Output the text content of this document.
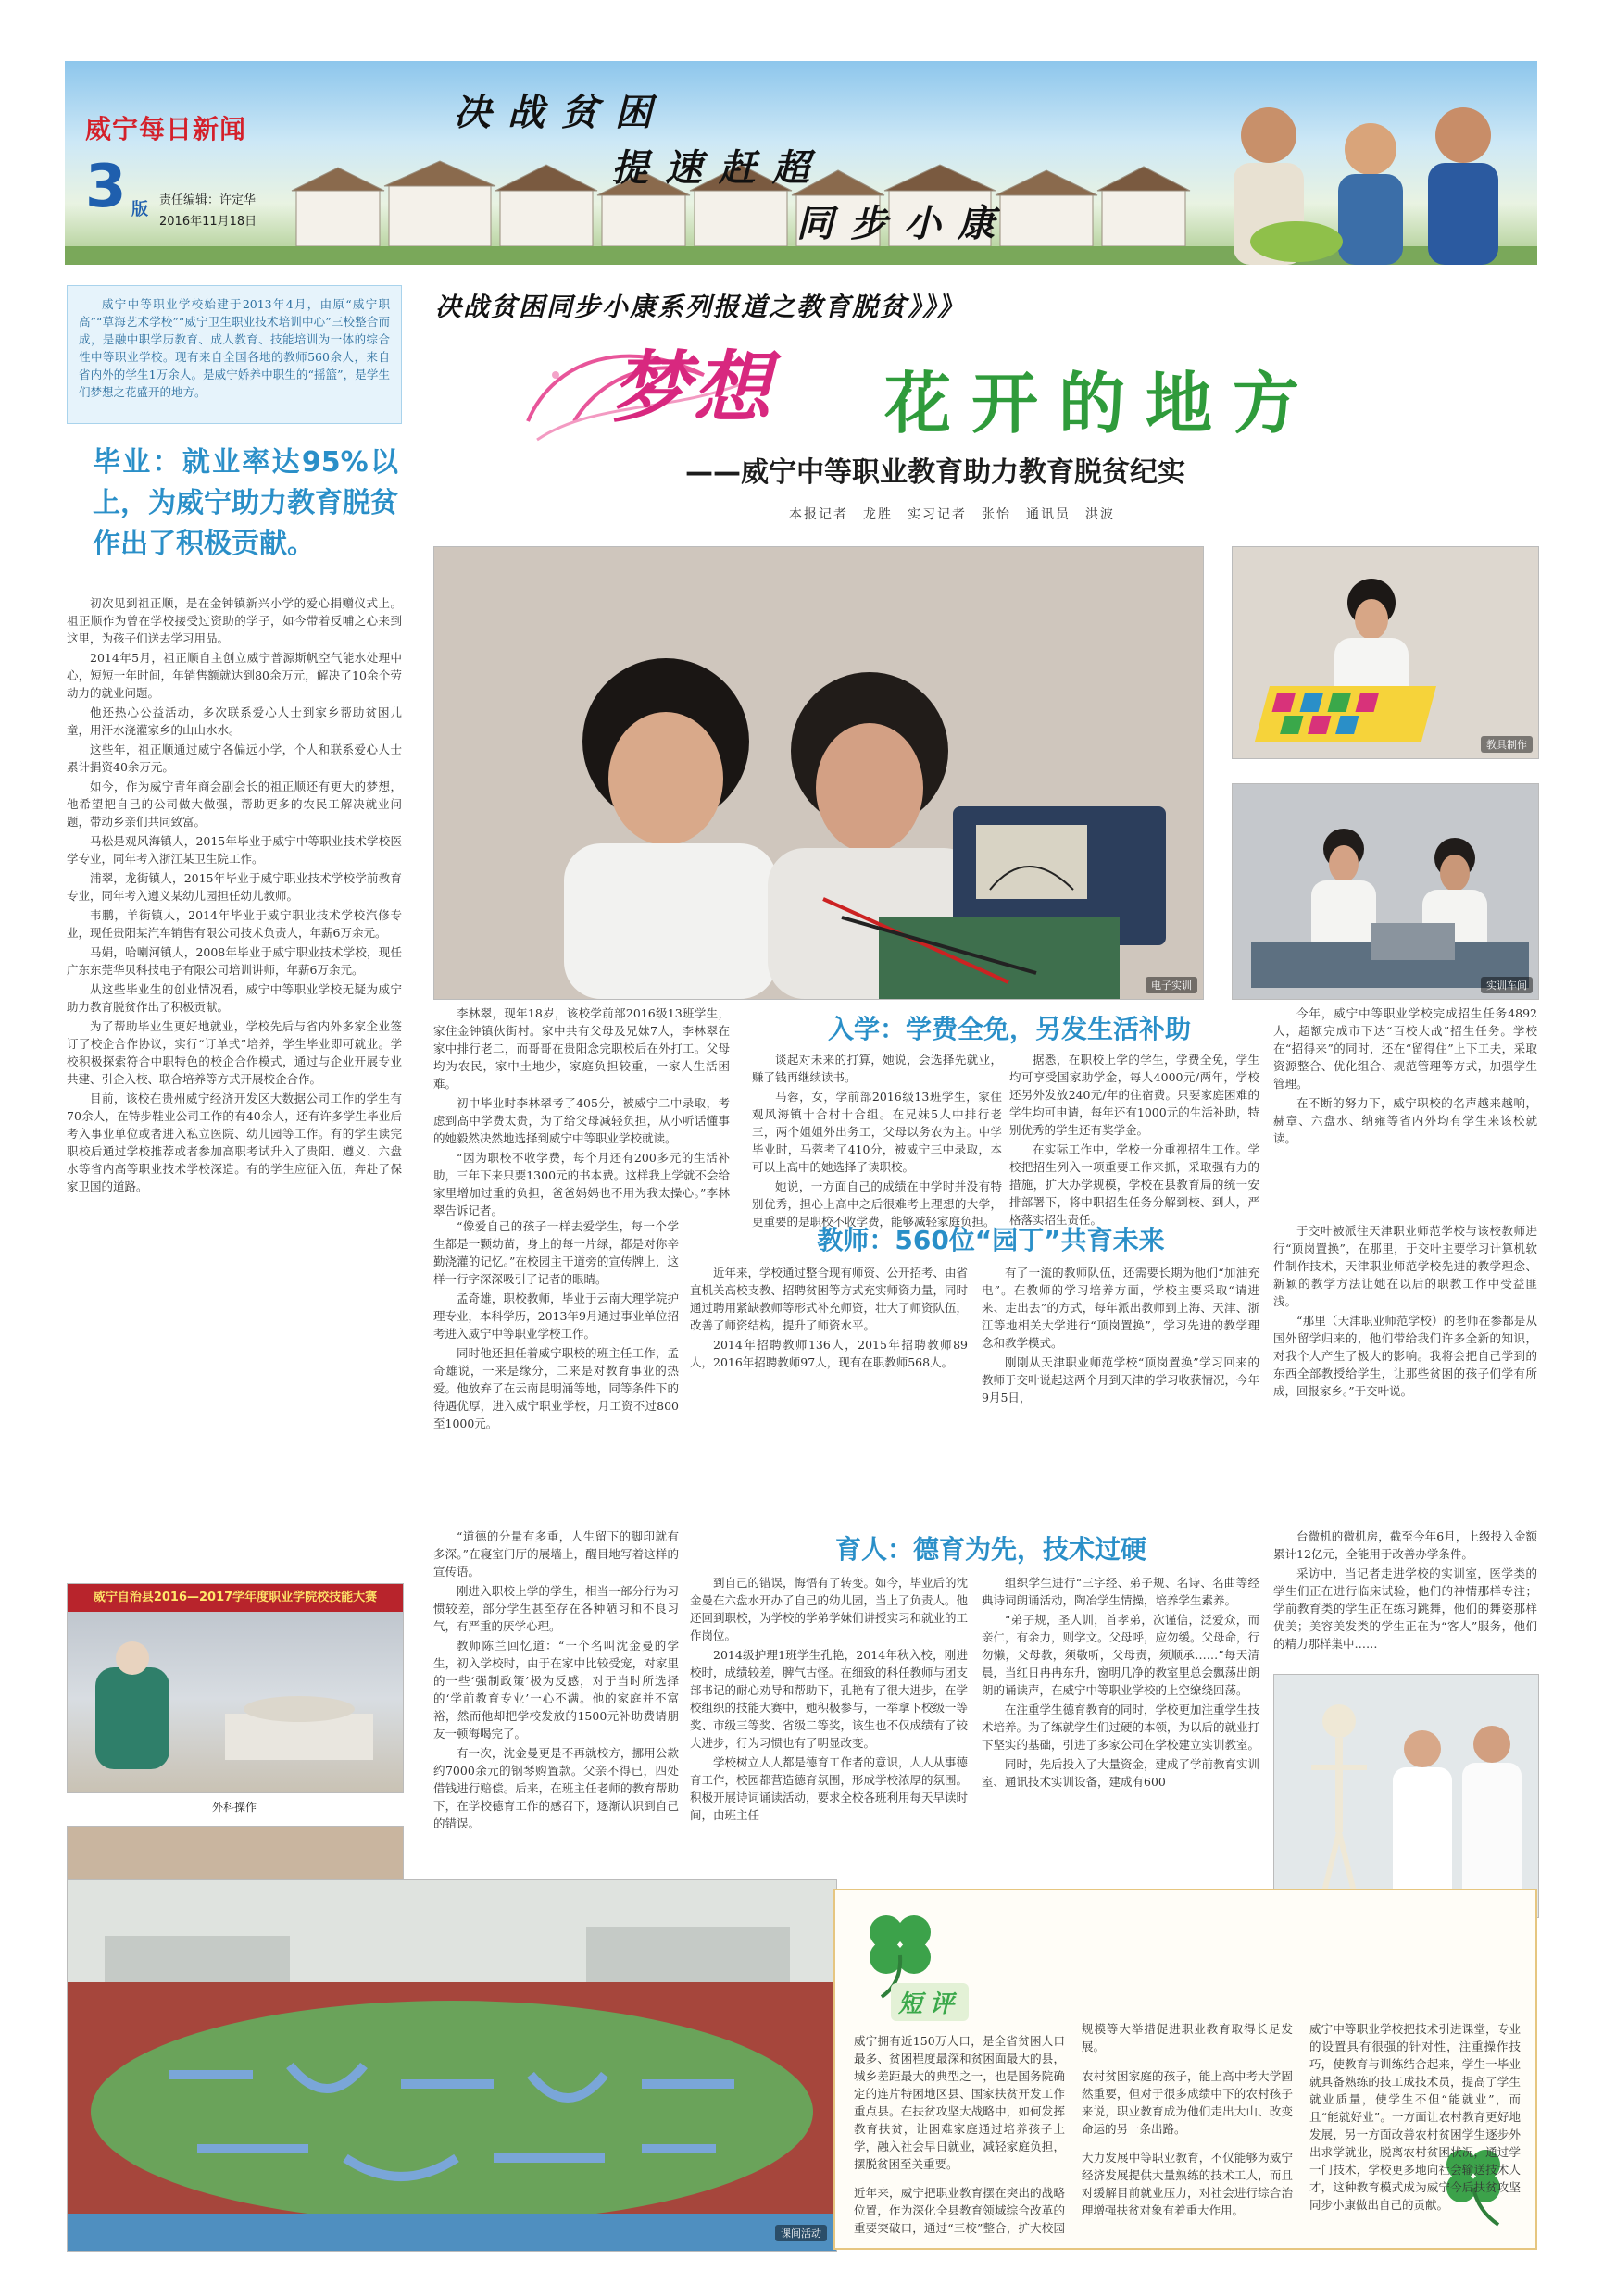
威宁每日新闻
3 版 责任编辑：许定华
2016年11月18日
决战贫困
提速赶超
同步小康
威宁中等职业学校始建于2013年4月，由原“威宁职高”“草海艺术学校”“威宁卫生职业技术培训中心”三校整合而成，是融中职学历教育、成人教育、技能培训为一体的综合性中等职业学校。现有来自全国各地的教师560余人，来自省内外的学生1万余人。是威宁娇养中职生的“摇篮”，是学生们梦想之花盛开的地方。
决战贫困同步小康系列报道之教育脱贫》》》
梦想 花开的地方
——威宁中等职业教育助力教育脱贫纪实
本报记者　龙胜　实习记者　张怡　通讯员　洪波
毕业：就业率达95%以上，为威宁助力教育脱贫作出了积极贡献。

初次见到祖正顺，是在金钟镇新兴小学的爱心捐赠仪式上。祖正顺作为曾在学校接受过资助的学子，如今带着反哺之心来到这里，为孩子们送去学习用品。

2014年5月，祖正顺自主创立威宁普源斯帆空气能水处理中心，短短一年时间，年销售额就达到80余万元，解决了10余个劳动力的就业问题。

他还热心公益活动，多次联系爱心人士到家乡帮助贫困儿童，用汗水浇灌家乡的山山水水。

这些年，祖正顺通过威宁各偏远小学，个人和联系爱心人士累计捐资40余万元。

如今，作为威宁青年商会副会长的祖正顺还有更大的梦想，他希望把自己的公司做大做强，帮助更多的农民工解决就业问题，带动乡亲们共同致富。

马松是观风海镇人，2015年毕业于威宁中等职业技术学校医学专业，同年考入浙江某卫生院工作。

浦翠，龙街镇人，2015年毕业于威宁职业技术学校学前教育专业，同年考入遵义某幼儿园担任幼儿教师。

韦鹏，羊街镇人，2014年毕业于威宁职业技术学校汽修专业，现任贵阳某汽车销售有限公司技术负责人，年薪6万余元。

马娟，哈喇河镇人，2008年毕业于威宁职业技术学校，现任广东东莞华贝科技电子有限公司培训讲师，年薪6万余元。

从这些毕业生的创业情况看，威宁中等职业学校无疑为威宁助力教育脱贫作出了积极贡献。

为了帮助毕业生更好地就业，学校先后与省内外多家企业签订了校企合作协议，实行“订单式”培养，学生毕业即可就业。学校积极探索符合中职特色的校企合作模式，通过与企业开展专业共建、引企入校、联合培养等方式开展校企合作。

目前，该校在贵州威宁经济开发区大数据公司工作的学生有70余人，在特步鞋业公司工作的有40余人，还有许多学生毕业后考入事业单位或者进入私立医院、幼儿园等工作。有的学生读完职校后通过学校推荐或者参加高职考试升入了贵阳、遵义、六盘水等省内高等职业技术学校深造。有的学生应征入伍，奔赴了保家卫国的道路。

威宁自治县2016—2017学年度职业学院校技能大赛
外科操作
电子实训
教具制作
实训车间

李林翠，现年18岁，该校学前部2016级13班学生，家住金钟镇伙街村。家中共有父母及兄妹7人，李林翠在家中排行老二，而哥哥在贵阳念完职校后在外打工。父母均为农民，家中土地少，家庭负担较重，一家人生活困难。

初中毕业时李林翠考了405分，被威宁二中录取，考虑到高中学费太贵，为了给父母减轻负担，从小听话懂事的她毅然决然地选择到威宁中等职业学校就读。

“因为职校不收学费，每个月还有200多元的生活补助，三年下来只要1300元的书本费。这样我上学就不会给家里增加过重的负担，爸爸妈妈也不用为我太操心。”李林翠告诉记者。

入学：学费全免，另发生活补助

谈起对未来的打算，她说，会选择先就业，赚了钱再继续读书。

马蓉，女，学前部2016级13班学生，家住观风海镇十合村十合组。在兄妹5人中排行老三，两个姐姐外出务工，父母以务农为主。中学毕业时，马蓉考了410分，被威宁三中录取，本可以上高中的她选择了读职校。

她说，一方面自己的成绩在中学时并没有特别优秀，担心上高中之后很难考上理想的大学，更重要的是职校不收学费，能够减轻家庭负担。

据悉，在职校上学的学生，学费全免，学生均可享受国家助学金，每人4000元/两年，学校还另外发放240元/年的住宿费。只要家庭困难的学生均可申请，每年还有1000元的生活补助，特别优秀的学生还有奖学金。

在实际工作中，学校十分重视招生工作。学校把招生列入一项重要工作来抓，采取强有力的措施，扩大办学规模，学校在县教育局的统一安排部署下，将中职招生任务分解到校、到人，严格落实招生责任。

今年，威宁中等职业学校完成招生任务4892人，超额完成市下达“百校大战”招生任务。学校在“招得来”的同时，还在“留得住”上下工夫，采取资源整合、优化组合、规范管理等方式，加强学生管理。

在不断的努力下，威宁职校的名声越来越响，赫章、六盘水、纳雍等省内外均有学生来该校就读。

“像爱自己的孩子一样去爱学生，每一个学生都是一颗幼苗，身上的每一片绿，都是对你辛勤浇灌的记忆。”在校园主干道旁的宣传牌上，这样一行字深深吸引了记者的眼睛。

孟奇雄，职校教师，毕业于云南大理学院护理专业，本科学历，2013年9月通过事业单位招考进入威宁中等职业学校工作。

同时他还担任着威宁职校的班主任工作，孟奇雄说，一来是缘分，二来是对教育事业的热爱。他放弃了在云南昆明涌等地，同等条件下的待遇优厚，进入威宁职业学校，月工资不过800至1000元。

教师：560位“园丁”共育未来

近年来，学校通过整合现有师资、公开招考、由省直机关高校支教、招聘贫困等方式充实师资力量，同时通过聘用紧缺教师等形式补充师资，壮大了师资队伍，改善了师资结构，提升了师资水平。

2014年招聘教师136人，2015年招聘教师89人，2016年招聘教师97人，现有在职教师568人。

有了一流的教师队伍，还需要长期为他们“加油充电”。在教师的学习培养方面，学校主要采取“请进来、走出去”的方式，每年派出教师到上海、天津、浙江等地相关大学进行“顶岗置换”，学习先进的教学理念和教学模式。

刚刚从天津职业师范学校“顶岗置换”学习回来的教师于交叶说起这两个月到天津的学习收获情况，今年9月5日，

于交叶被派往天津职业师范学校与该校教师进行“顶岗置换”，在那里，于交叶主要学习计算机软件制作技术，天津职业师范学校先进的教学理念、新颖的教学方法让她在以后的职教工作中受益匪浅。

“那里（天津职业师范学校）的老师在参都是从国外留学归来的，他们带给我们许多全新的知识，对我个人产生了极大的影响。我将会把自己学到的东西全部教授给学生，让那些贫困的孩子们学有所成，回报家乡。”于交叶说。

“道德的分量有多重，人生留下的脚印就有多深。”在寝室门厅的展墙上，醒目地写着这样的宣传语。

刚进入职校上学的学生，相当一部分行为习惯较差，部分学生甚至存在各种陋习和不良习气，有严重的厌学心理。

教师陈兰回忆道：“一个名叫沈金曼的学生，初入学校时，由于在家中比较受宠，对家里的一些‘强制政策’极为反感，对于当时所选择的‘学前教育专业’一心不满。他的家庭并不富裕，然而他却把学校发放的1500元补助费请朋友一顿海喝完了。

有一次，沈金曼更是不再就校方，挪用公款约7000余元的钢琴购置款。父亲不得已，四处借钱进行赔偿。后来，在班主任老师的教育帮助下，在学校德育工作的感召下，逐渐认识到自己的错误。

育人：德育为先，技术过硬

到自己的错误，悔悟有了转变。如今，毕业后的沈金曼在六盘水开办了自己的幼儿园，当上了负责人。他还回到职校，为学校的学弟学妹们讲授实习和就业的工作岗位。

2014级护理1班学生孔艳，2014年秋入校，刚进校时，成绩较差，脾气古怪。在细致的科任教师与团支部书记的耐心劝导和帮助下，孔艳有了很大进步，在学校组织的技能大赛中，她积极参与，一举拿下校级一等奖、市级三等奖、省级二等奖，该生也不仅成绩有了较大进步，行为习惯也有了明显改变。

学校树立人人都是德育工作者的意识，人人从事德育工作，校园都营造德育氛围，形成学校浓厚的氛围。积极开展诗词诵读活动，要求全校各班利用每天早读时间，由班主任

组织学生进行“三字经、弟子规、名诗、名曲等经典诗词朗诵活动，陶冶学生情操，培养学生素养。

“弟子规，圣人训，首孝弟，次谨信，泛爱众，而亲仁，有余力，则学文。父母呼，应勿缓。父母命，行勿懒，父母教，须敬听，父母责，须顺承……”每天清晨，当红日冉冉东升，窗明几净的教室里总会飘荡出朗朗的诵读声，在威宁中等职业学校的上空缭绕回荡。

在注重学生德育教育的同时，学校更加注重学生技术培养。为了练就学生们过硬的本领，为以后的就业打下坚实的基础，引进了多家公司在学校建立实训教室。

同时，先后投入了大量资金，建成了学前教育实训室、通讯技术实训设备，建成有600

台微机的微机房，截至今年6月，上级投入金额累计12亿元，全能用于改善办学条件。

采访中，当记者走进学校的实训室，医学类的学生们正在进行临床试验，他们的神情那样专注；学前教育类的学生正在练习跳舞，他们的舞姿那样优美；美容美发类的学生正在为“客人”服务，他们的精力那样集中……

课间活动
短评

威宁拥有近150万人口，是全省贫困人口最多、贫困程度最深和贫困面最大的县，城乡差距最大的典型之一，也是国务院确定的连片特困地区县、国家扶贫开发工作重点县。在扶贫攻坚大战略中，如何发挥教育扶贫，让困难家庭通过培养孩子上学，融入社会早日就业，减轻家庭负担，摆脱贫困至关重要。

近年来，威宁把职业教育摆在突出的战略位置，作为深化全县教育领域综合改革的重要突破口，通过“三校”整合，扩大校园规模等大举措促进职业教育取得长足发展。

农村贫困家庭的孩子，能上高中考大学固然重要，但对于很多成绩中下的农村孩子来说，职业教育成为他们走出大山、改变命运的另一条出路。

大力发展中等职业教育，不仅能够为威宁经济发展提供大量熟练的技术工人，而且对缓解目前就业压力，对社会进行综合治理增强扶贫对象有着重大作用。

威宁中等职业学校把技术引进课堂，专业的设置具有很强的针对性，注重操作技巧，使教育与训练结合起来，学生一毕业就具备熟练的技工成技术员，提高了学生就业质量，使学生不但“能就业”，而且“能就好业”。一方面让农村教育更好地发展，另一方面改善农村贫困学生逐步外出求学就业，脱离农村贫困状况，通过学一门技术，学校更多地向社会输送技术人才，这种教育模式成为威宁今后扶贫攻坚同步小康做出自己的贡献。
